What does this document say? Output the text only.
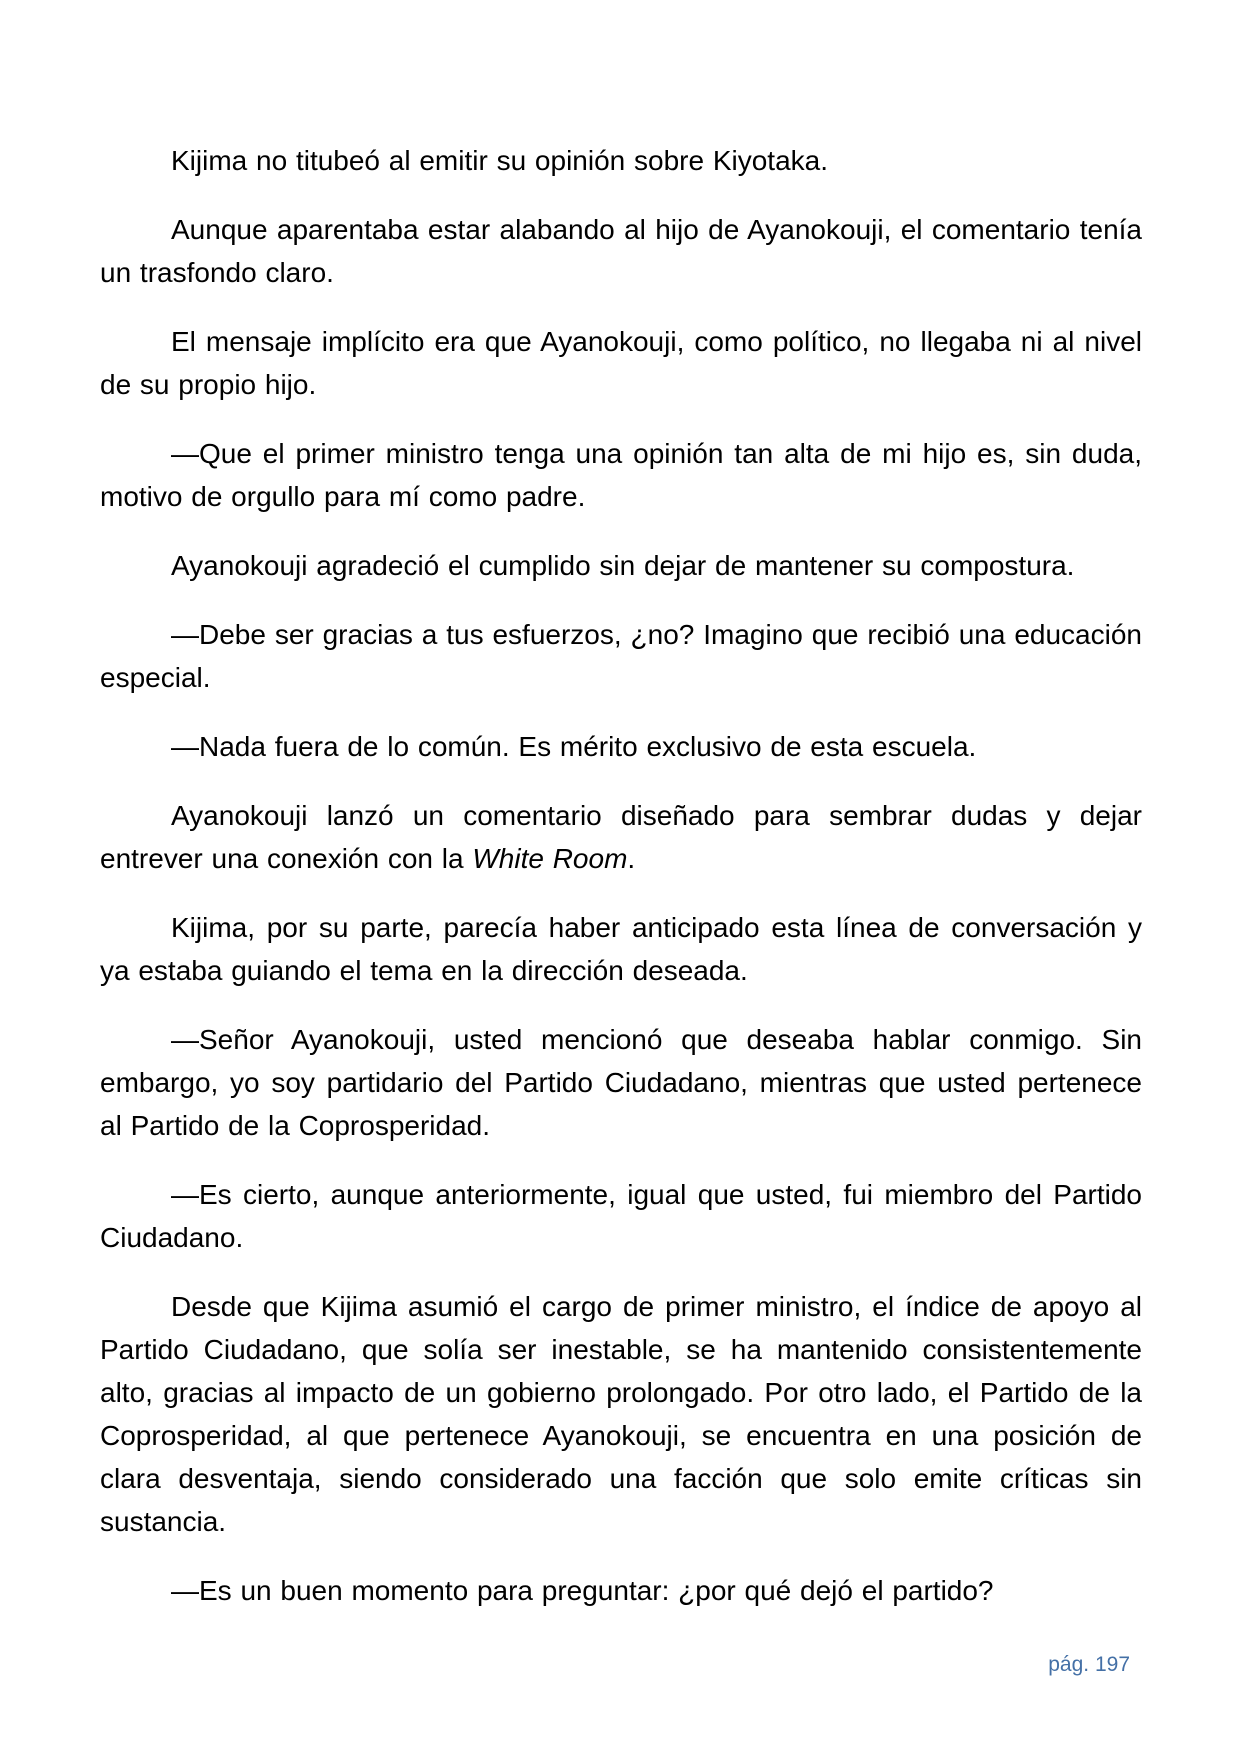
Kijima no titubeó al emitir su opinión sobre Kiyotaka.

Aunque aparentaba estar alabando al hijo de Ayanokouji, el comentario tenía un trasfondo claro.

El mensaje implícito era que Ayanokouji, como político, no llegaba ni al nivel de su propio hijo.

—Que el primer ministro tenga una opinión tan alta de mi hijo es, sin duda, motivo de orgullo para mí como padre.

Ayanokouji agradeció el cumplido sin dejar de mantener su compostura.

—Debe ser gracias a tus esfuerzos, ¿no? Imagino que recibió una educación especial.

—Nada fuera de lo común. Es mérito exclusivo de esta escuela.

Ayanokouji lanzó un comentario diseñado para sembrar dudas y dejar entrever una conexión con la White Room.

Kijima, por su parte, parecía haber anticipado esta línea de conversación y ya estaba guiando el tema en la dirección deseada.

—Señor Ayanokouji, usted mencionó que deseaba hablar conmigo. Sin embargo, yo soy partidario del Partido Ciudadano, mientras que usted pertenece al Partido de la Coprosperidad.

—Es cierto, aunque anteriormente, igual que usted, fui miembro del Partido Ciudadano.

Desde que Kijima asumió el cargo de primer ministro, el índice de apoyo al Partido Ciudadano, que solía ser inestable, se ha mantenido consistentemente alto, gracias al impacto de un gobierno prolongado. Por otro lado, el Partido de la Coprosperidad, al que pertenece Ayanokouji, se encuentra en una posición de clara desventaja, siendo considerado una facción que solo emite críticas sin sustancia.

—Es un buen momento para preguntar: ¿por qué dejó el partido?

pág. 197
